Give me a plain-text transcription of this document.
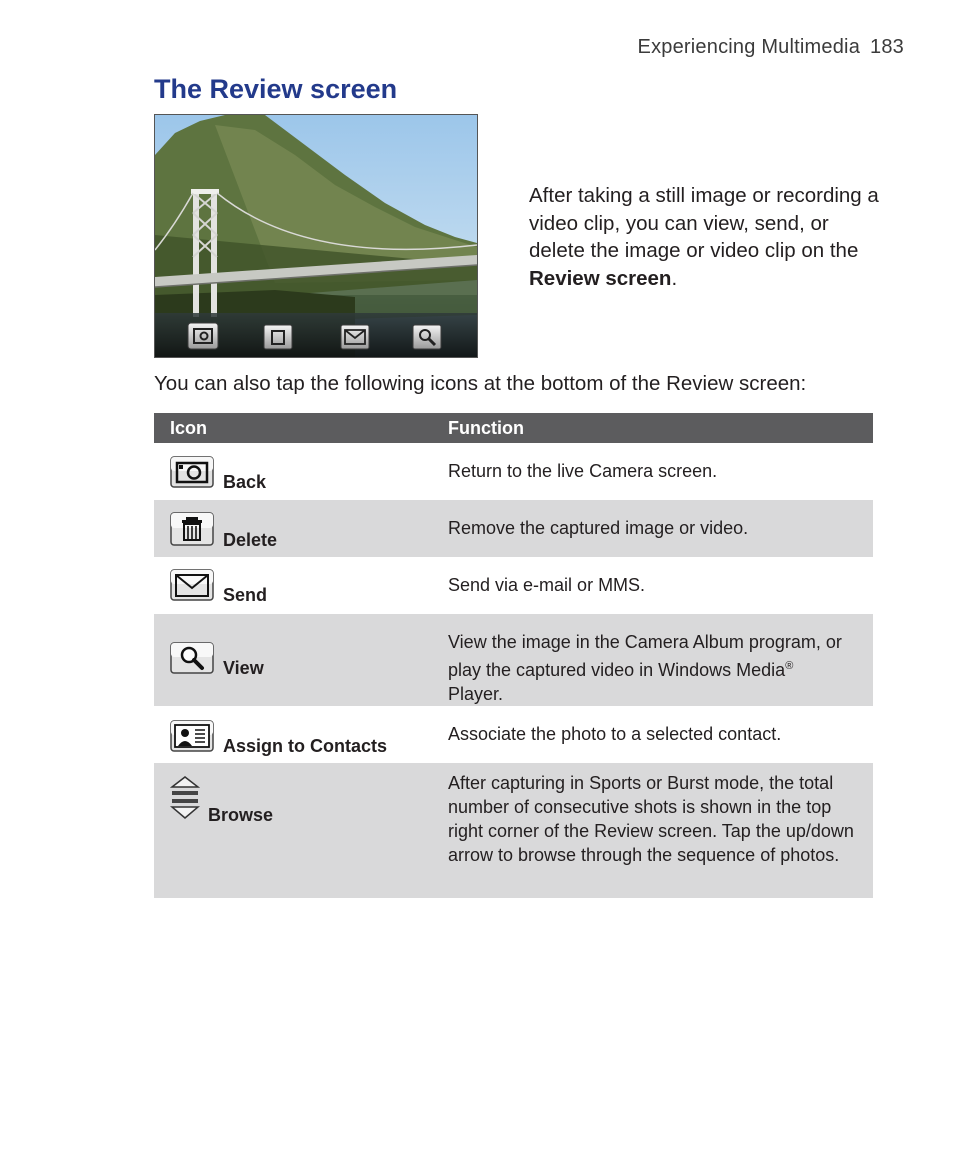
Experiencing Multimedia 183
The Review screen
After taking a still image or recording a video clip, you can view, send, or delete the image or video clip on the Review screen.
You can also tap the following icons at the bottom of the Review screen:
Icon	Function

Back	Return to the live Camera screen.

Delete	Remove the captured image or video.

Send	Send via e-mail or MMS.

View	View the image in the Camera Album program, or play the captured video in Windows Media® Player.

Assign to Contacts	Associate the photo to a selected contact.

Browse	After capturing in Sports or Burst mode, the total number of consecutive shots is shown in the top right corner of the Review screen. Tap the up/down arrow to browse through the sequence of photos.
